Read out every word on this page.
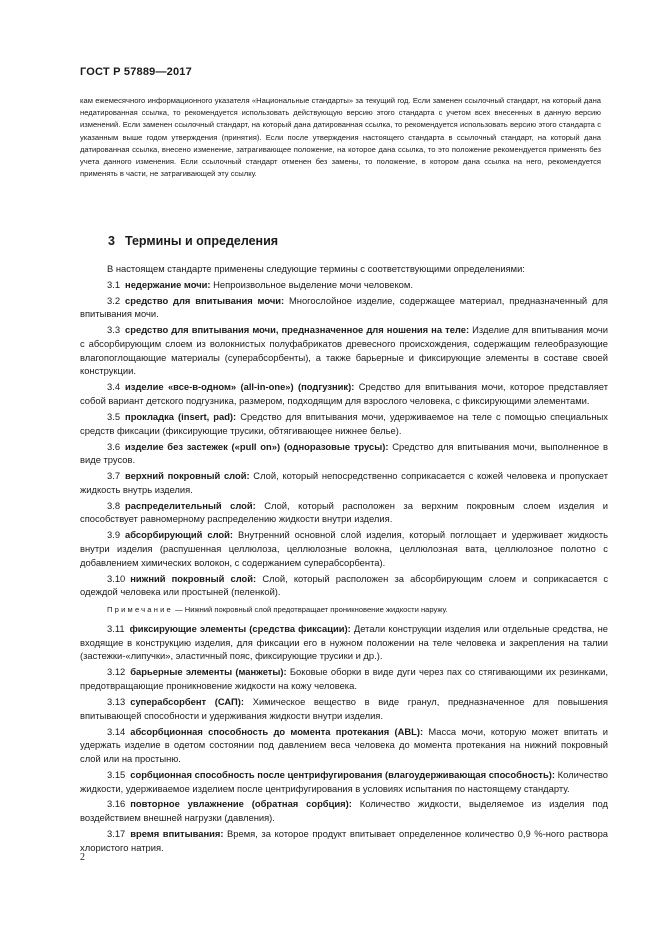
ГОСТ Р 57889—2017
кам ежемесячного информационного указателя «Национальные стандарты» за текущий год. Если заменен ссылочный стандарт, на который дана недатированная ссылка, то рекомендуется использовать действующую версию этого стандарта с учетом всех внесенных в данную версию изменений. Если заменен ссылочный стандарт, на который дана датированная ссылка, то рекомендуется использовать версию этого стандарта с указанным выше годом утверждения (принятия). Если после утверждения настоящего стандарта в ссылочный стандарт, на который дана датированная ссылка, внесено изменение, затрагивающее положение, на которое дана ссылка, то это положение рекомендуется применять без учета данного изменения. Если ссылочный стандарт отменен без замены, то положение, в котором дана ссылка на него, рекомендуется применять в части, не затрагивающей эту ссылку.
3 Термины и определения
В настоящем стандарте применены следующие термины с соответствующими определениями:
3.1 недержание мочи: Непроизвольное выделение мочи человеком.
3.2 средство для впитывания мочи: Многослойное изделие, содержащее материал, предназначенный для впитывания мочи.
3.3 средство для впитывания мочи, предназначенное для ношения на теле: Изделие для впитывания мочи с абсорбирующим слоем из волокнистых полуфабрикатов древесного происхождения, содержащим гелеобразующие влагопоглощающие материалы (суперабсорбенты), а также барьерные и фиксирующие элементы в составе своей конструкции.
3.4 изделие «все-в-одном» (all-in-one») (подгузник): Средство для впитывания мочи, которое представляет собой вариант детского подгузника, размером, подходящим для взрослого человека, с фиксирующими элементами.
3.5 прокладка (insert, pad): Средство для впитывания мочи, удерживаемое на теле с помощью специальных средств фиксации (фиксирующие трусики, обтягивающее нижнее белье).
3.6 изделие без застежек («pull on») (одноразовые трусы): Средство для впитывания мочи, выполненное в виде трусов.
3.7 верхний покровный слой: Слой, который непосредственно соприкасается с кожей человека и пропускает жидкость внутрь изделия.
3.8 распределительный слой: Слой, который расположен за верхним покровным слоем изделия и способствует равномерному распределению жидкости внутри изделия.
3.9 абсорбирующий слой: Внутренний основной слой изделия, который поглощает и удерживает жидкость внутри изделия (распушенная целлюлоза, целлюлозные волокна, целлюлозная вата, целлюлозное полотно с добавлением химических волокон, с содержанием суперабсорбента).
3.10 нижний покровный слой: Слой, который расположен за абсорбирующим слоем и соприкасается с одеждой человека или простыней (пеленкой).
Примечание — Нижний покровный слой предотвращает проникновение жидкости наружу.
3.11 фиксирующие элементы (средства фиксации): Детали конструкции изделия или отдельные средства, не входящие в конструкцию изделия, для фиксации его в нужном положении на теле человека и закрепления на талии (застежки-«липучки», эластичный пояс, фиксирующие трусики и др.).
3.12 барьерные элементы (манжеты): Боковые оборки в виде дуги через пах со стягивающими их резинками, предотвращающие проникновение жидкости на кожу человека.
3.13 суперабсорбент (САП): Химическое вещество в виде гранул, предназначенное для повышения впитывающей способности и удерживания жидкости внутри изделия.
3.14 абсорбционная способность до момента протекания (ABL): Масса мочи, которую может впитать и удержать изделие в одетом состоянии под давлением веса человека до момента протекания на нижний покровный слой или на простыню.
3.15 сорбционная способность после центрифугирования (влагоудерживающая способность): Количество жидкости, удерживаемое изделием после центрифугирования в условиях испытания по настоящему стандарту.
3.16 повторное увлажнение (обратная сорбция): Количество жидкости, выделяемое из изделия под воздействием внешней нагрузки (давления).
3.17 время впитывания: Время, за которое продукт впитывает определенное количество 0,9 %-ного раствора хлористого натрия.
2
